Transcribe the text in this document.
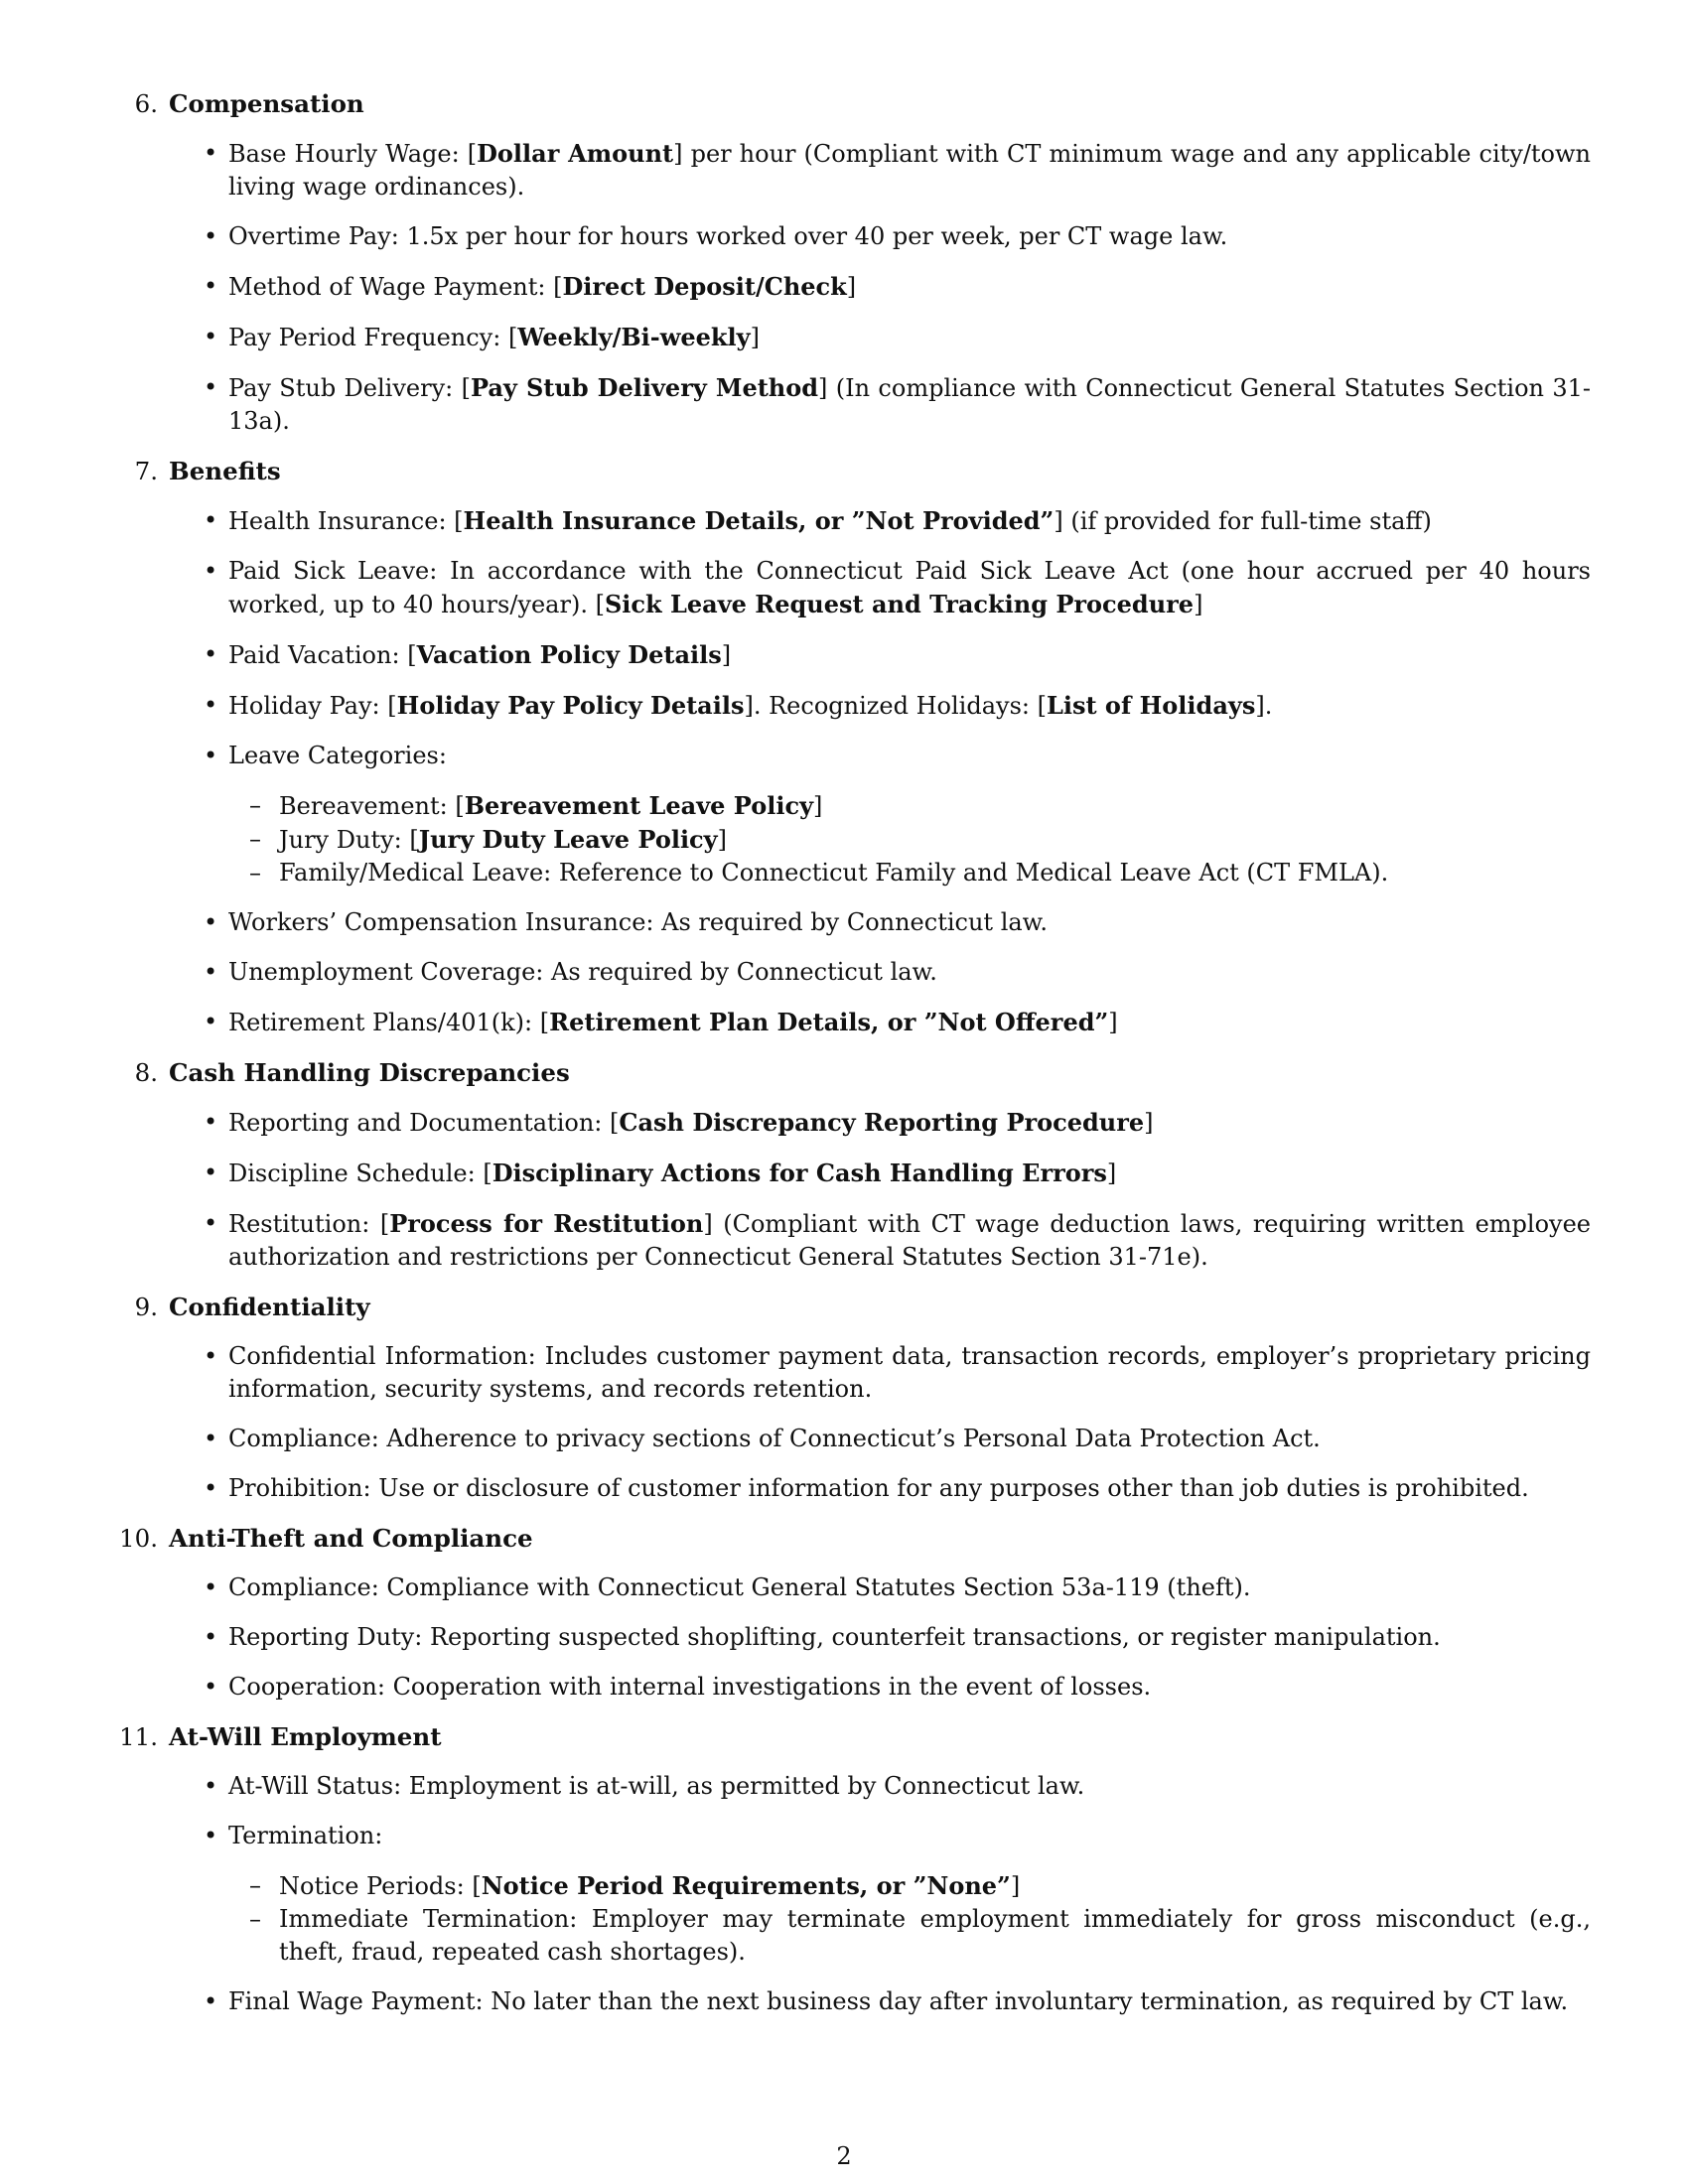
6. Compensation
• Base Hourly Wage: [Dollar Amount] per hour (Compliant with CT minimum wage and any applicable city/town living wage ordinances).
• Overtime Pay: 1.5x per hour for hours worked over 40 per week, per CT wage law.
• Method of Wage Payment: [Direct Deposit/Check]
• Pay Period Frequency: [Weekly/Bi-weekly]
• Pay Stub Delivery: [Pay Stub Delivery Method] (In compliance with Connecticut General Statutes Section 31-13a).
7. Benefits
• Health Insurance: [Health Insurance Details, or ”Not Provided”] (if provided for full-time staff)
• Paid Sick Leave: In accordance with the Connecticut Paid Sick Leave Act (one hour accrued per 40 hours worked, up to 40 hours/year). [Sick Leave Request and Tracking Procedure]
• Paid Vacation: [Vacation Policy Details]
• Holiday Pay: [Holiday Pay Policy Details]. Recognized Holidays: [List of Holidays].
• Leave Categories:
– Bereavement: [Bereavement Leave Policy]
– Jury Duty: [Jury Duty Leave Policy]
– Family/Medical Leave: Reference to Connecticut Family and Medical Leave Act (CT FMLA).
• Workers’ Compensation Insurance: As required by Connecticut law.
• Unemployment Coverage: As required by Connecticut law.
• Retirement Plans/401(k): [Retirement Plan Details, or ”Not Offered”]
8. Cash Handling Discrepancies
• Reporting and Documentation: [Cash Discrepancy Reporting Procedure]
• Discipline Schedule: [Disciplinary Actions for Cash Handling Errors]
• Restitution: [Process for Restitution] (Compliant with CT wage deduction laws, requiring written employee authorization and restrictions per Connecticut General Statutes Section 31-71e).
9. Confidentiality
• Confidential Information: Includes customer payment data, transaction records, employer’s proprietary pricing information, security systems, and records retention.
• Compliance: Adherence to privacy sections of Connecticut’s Personal Data Protection Act.
• Prohibition: Use or disclosure of customer information for any purposes other than job duties is prohibited.
10. Anti-Theft and Compliance
• Compliance: Compliance with Connecticut General Statutes Section 53a-119 (theft).
• Reporting Duty: Reporting suspected shoplifting, counterfeit transactions, or register manipulation.
• Cooperation: Cooperation with internal investigations in the event of losses.
11. At-Will Employment
• At-Will Status: Employment is at-will, as permitted by Connecticut law.
• Termination:
– Notice Periods: [Notice Period Requirements, or ”None”]
– Immediate Termination: Employer may terminate employment immediately for gross misconduct (e.g., theft, fraud, repeated cash shortages).
• Final Wage Payment: No later than the next business day after involuntary termination, as required by CT law.
2
